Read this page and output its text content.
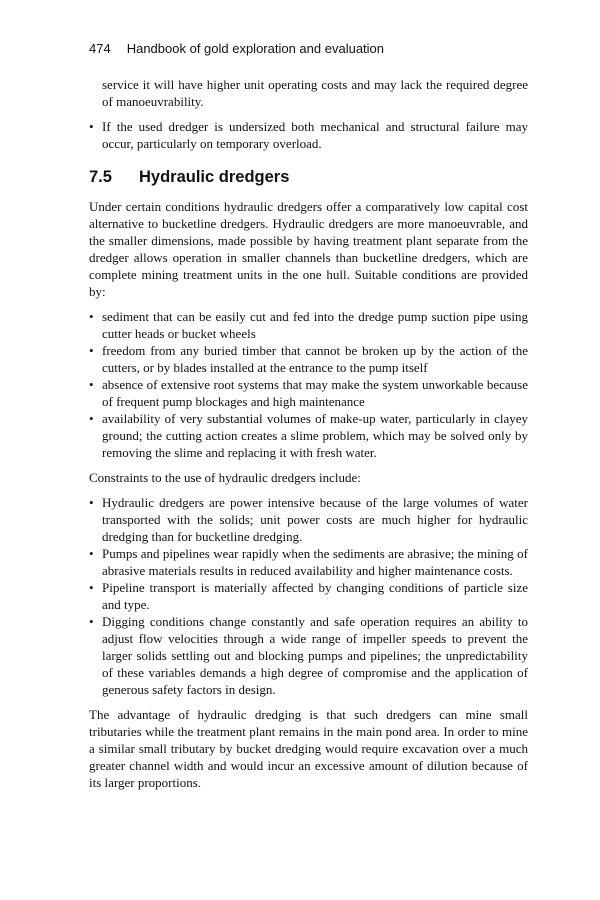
474 Handbook of gold exploration and evaluation

service it will have higher unit operating costs and may lack the required degree of manoeuvrability.

• If the used dredger is undersized both mechanical and structural failure may occur, particularly on temporary overload.
7.5 Hydraulic dredgers

Under certain conditions hydraulic dredgers offer a comparatively low capital cost alternative to bucketline dredgers. Hydraulic dredgers are more manoeuvrable, and the smaller dimensions, made possible by having treatment plant separate from the dredger allows operation in smaller channels than bucketline dredgers, which are complete mining treatment units in the one hull. Suitable conditions are provided by:

• sediment that can be easily cut and fed into the dredge pump suction pipe using cutter heads or bucket wheels
• freedom from any buried timber that cannot be broken up by the action of the cutters, or by blades installed at the entrance to the pump itself
• absence of extensive root systems that may make the system unworkable because of frequent pump blockages and high maintenance
• availability of very substantial volumes of make-up water, particularly in clayey ground; the cutting action creates a slime problem, which may be solved only by removing the slime and replacing it with fresh water.

Constraints to the use of hydraulic dredgers include:

• Hydraulic dredgers are power intensive because of the large volumes of water transported with the solids; unit power costs are much higher for hydraulic dredging than for bucketline dredging.
• Pumps and pipelines wear rapidly when the sediments are abrasive; the mining of abrasive materials results in reduced availability and higher maintenance costs.
• Pipeline transport is materially affected by changing conditions of particle size and type.
• Digging conditions change constantly and safe operation requires an ability to adjust flow velocities through a wide range of impeller speeds to prevent the larger solids settling out and blocking pumps and pipelines; the unpredictability of these variables demands a high degree of compromise and the application of generous safety factors in design.

The advantage of hydraulic dredging is that such dredgers can mine small tributaries while the treatment plant remains in the main pond area. In order to mine a similar small tributary by bucket dredging would require excavation over a much greater channel width and would incur an excessive amount of dilution because of its larger proportions.
